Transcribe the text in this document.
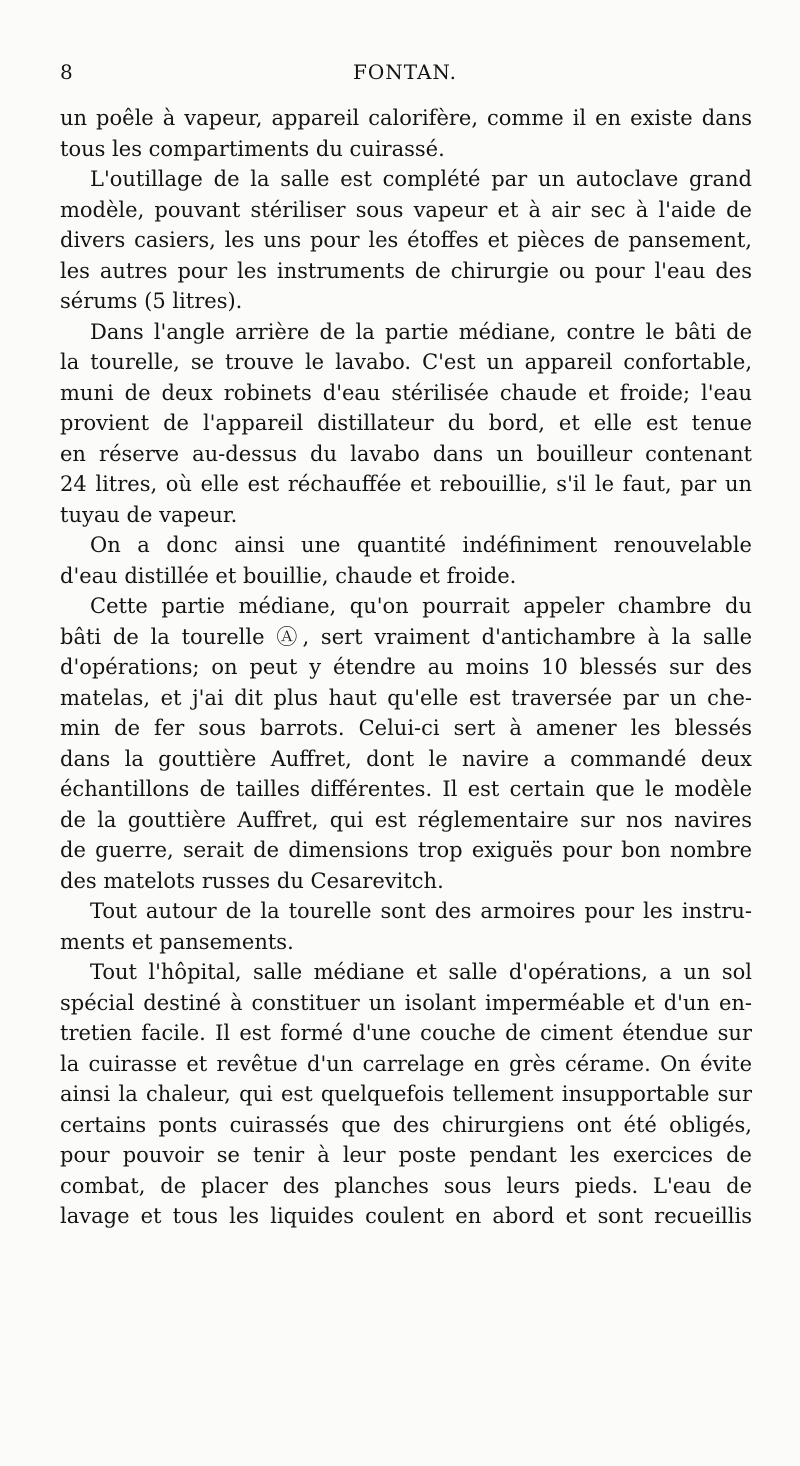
8	FONTAN.
un poêle à vapeur, appareil calorifère, comme il en existe dans
tous les compartiments du cuirassé.
L'outillage de la salle est complété par un autoclave grand
modèle, pouvant stériliser sous vapeur et à air sec à l'aide de
divers casiers, les uns pour les étoffes et pièces de pansement,
les autres pour les instruments de chirurgie ou pour l'eau des
sérums (5 litres).
Dans l'angle arrière de la partie médiane, contre le bâti de
la tourelle, se trouve le lavabo. C'est un appareil confortable,
muni de deux robinets d'eau stérilisée chaude et froide; l'eau
provient de l'appareil distillateur du bord, et elle est tenue
en réserve au-dessus du lavabo dans un bouilleur contenant
24 litres, où elle est réchauffée et rebouillie, s'il le faut, par un
tuyau de vapeur.
On a donc ainsi une quantité indéfiniment renouvelable
d'eau distillée et bouillie, chaude et froide.
Cette partie médiane, qu'on pourrait appeler chambre du
bâti de la tourelle Ⓐ, sert vraiment d'antichambre à la salle
d'opérations; on peut y étendre au moins 10 blessés sur des
matelas, et j'ai dit plus haut qu'elle est traversée par un che-
min de fer sous barrots. Celui-ci sert à amener les blessés
dans la gouttière Auffret, dont le navire a commandé deux
échantillons de tailles différentes. Il est certain que le modèle
de la gouttière Auffret, qui est réglementaire sur nos navires
de guerre, serait de dimensions trop exiguës pour bon nombre
des matelots russes du Cesarevitch.
Tout autour de la tourelle sont des armoires pour les instru-
ments et pansements.
Tout l'hôpital, salle médiane et salle d'opérations, a un sol
spécial destiné à constituer un isolant imperméable et d'un en-
tretien facile. Il est formé d'une couche de ciment étendue sur
la cuirasse et revêtue d'un carrelage en grès cérame. On évite
ainsi la chaleur, qui est quelquefois tellement insupportable sur
certains ponts cuirassés que des chirurgiens ont été obligés,
pour pouvoir se tenir à leur poste pendant les exercices de
combat, de placer des planches sous leurs pieds. L'eau de
lavage et tous les liquides coulent en abord et sont recueillis
